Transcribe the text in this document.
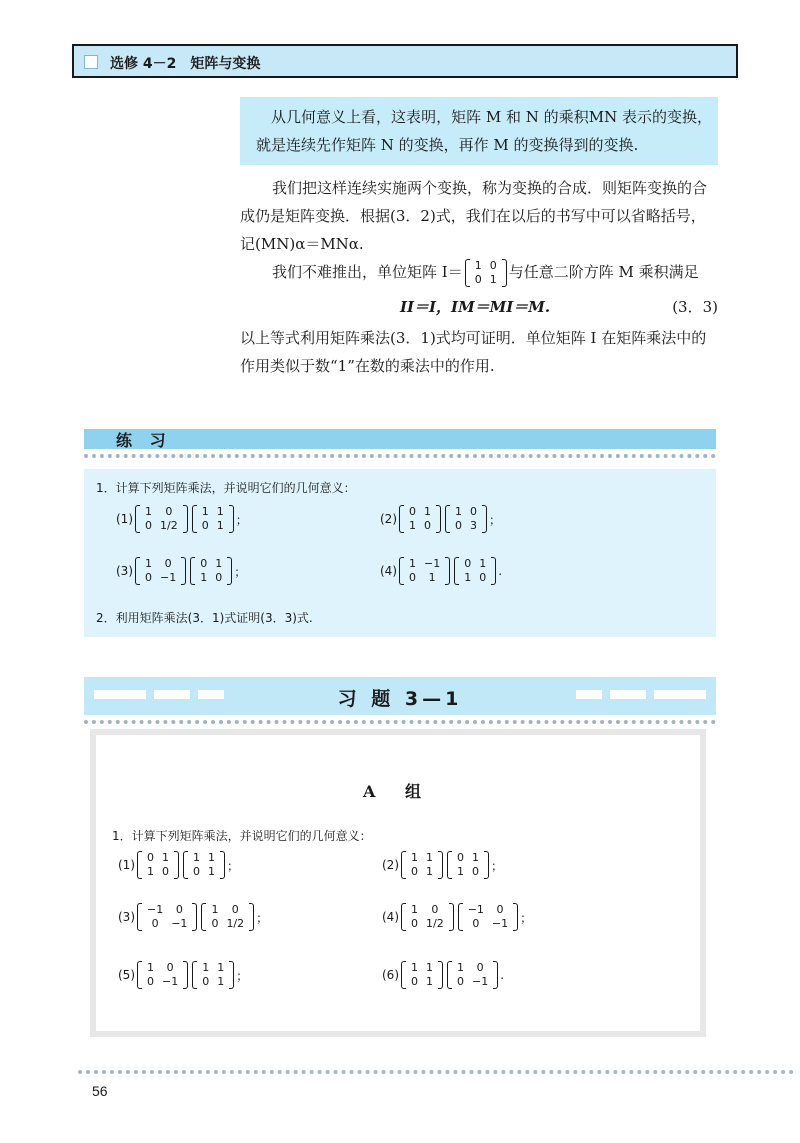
选修 4－2　矩阵与变换

从几何意义上看，这表明，矩阵 M 和 N 的乘积MN 表示的变换，就是连续先作矩阵 N 的变换，再作 M 的变换得到的变换.

我们把这样连续实施两个变换，称为变换的合成．则矩阵变换的合成仍是矩阵变换．根据(3．2)式，我们在以后的书写中可以省略括号，记(MN)α＝MNα.
我们不难推出，单位矩阵 I＝ 1	0
0	1 与任意二阶方阵 M 乘积满足
II＝I，IM＝MI＝M.	(3．3)
以上等式利用矩阵乘法(3．1)式均可证明．单位矩阵 I 在矩阵乘法中的作用类似于数“1”在数的乘法中的作用.
练 习
1．计算下列矩阵乘法，并说明它们的几何意义：
2．利用矩阵乘法(3．1)式证明(3．3)式.
(1)
1	0
0	1/2
1	1
0	1 ；	(2)
0	1
1	0
1	0
0	3 ；
(3)
1	0
0	−1
0	1
1	0 ；	(4)
1	−1
0	1
0	1
1	0 .
习 题 3—1
A 组
1．计算下列矩阵乘法，并说明它们的几何意义：
(1)
0	1
1	0
1	1
0	1 ；	(2)
1	1
0	1
0	1
1	0 ；
(3)
−1	0
0	−1
1	0
0	1/2 ；	(4)
1	0
0	1/2
−1	0
0	−1 ；
(5)
1	0
0	−1
1	1
0	1 ；	(6)
1	1
0	1
1	0
0	−1 .
56
